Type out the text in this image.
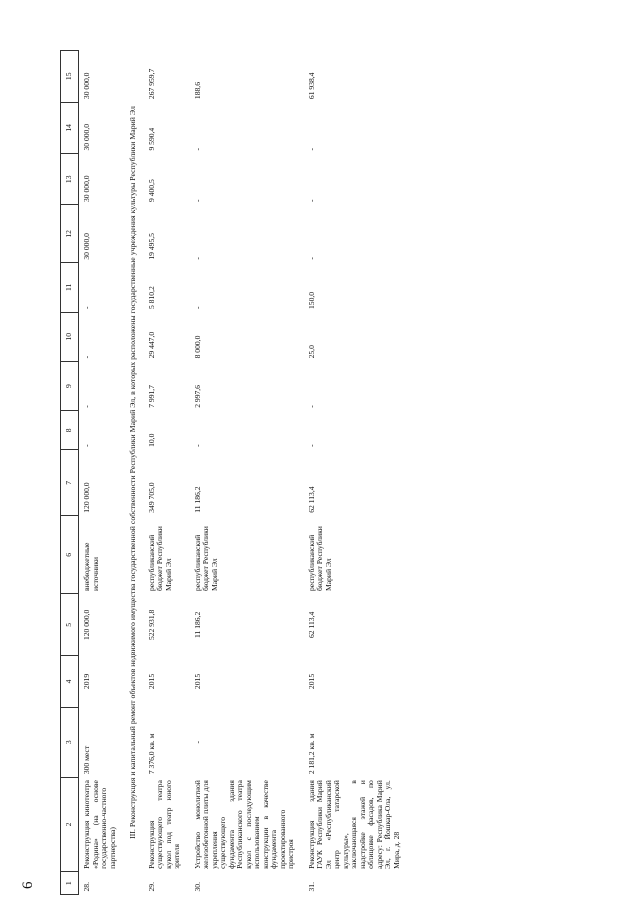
6	1	2	3	4	5	6	7	8	9	10	11	12	13	14	15
28.	Реконструкция кинотеатра «Родина» (на основе государственно-частного партнерства)	300 мест	2019	120 000,0	внебюджетные источники	120 000,0	-	-	-	-	30 000,0	30 000,0	30 000,0	30 000,0
III. Реконструкция и капитальный ремонт объектов недвижимого имущества государственной собственности Республики Марий Эл, в которых расположены государственные учреждения культуры Республики Марий Эл														
29.	Реконструкция существующего театра кукол под театр юного зрителя	7 376,0 кв. м	2015	522 931,8	республиканский бюджет Республики Марий Эл	349 705,0	10,0	7 991,7	29 447,0	5 810,2	19 495,5	9 400,5	9 590,4	267 959,7
30.	Устройство монолитной железобетонной плиты для укрепления существующего фундамента здания Республиканского театра кукол с последующим использованием конструкции в качестве фундамента проектированного пристроя	-	2015	11 186,2	республиканский бюджет Республики Марий Эл	11 186,2	-	2 997,6	8 000,0	-	-	-	-	188,6
31.	Реконструкция здания ГАУК Республики Марий Эл «Республиканский центр татарской культуры», заключающаяся в надстройке этажей и облицовке фасадов, по адресу: Республика Марий Эл, г. Йошкар-Ола, ул. Мира, д. 28	2 181,2 кв. м	2015	62 113,4	республиканский бюджет Республики Марий Эл	62 113,4	-	-	25,0	150,0	-	-	-	61 938,4
